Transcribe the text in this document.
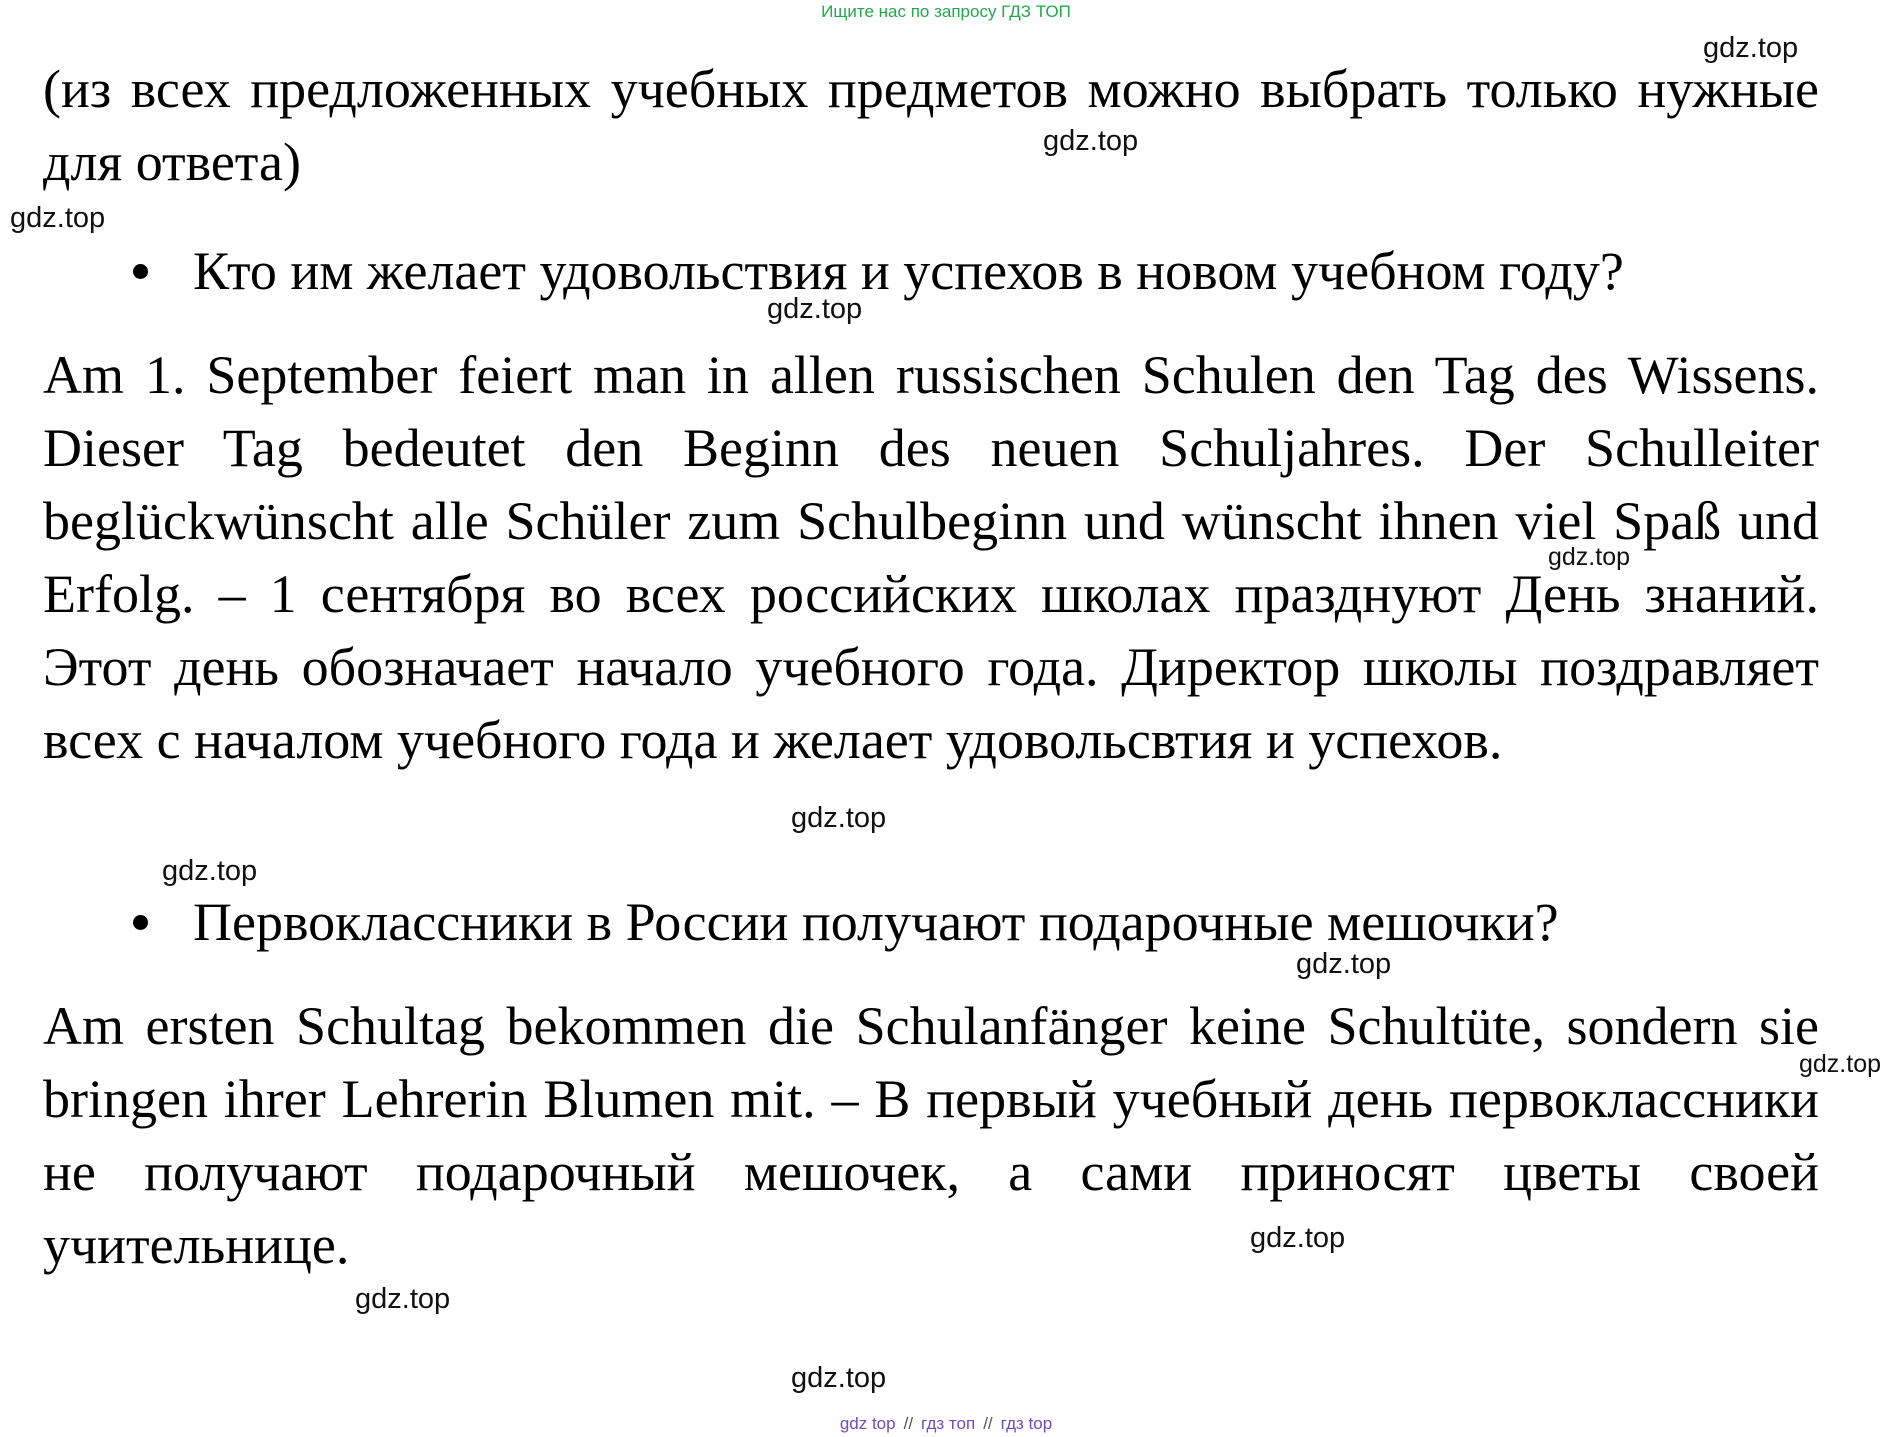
Ищите нас по запросу ГДЗ ТОП

(из всех предложенных учебных предметов можно выбрать только нужные для ответа)

Кто им желает удовольствия и успехов в новом учебном году?

Am 1. September feiert man in allen russischen Schulen den Tag des Wissens. Dieser Tag bedeutet den Beginn des neuen Schuljahres. Der Schulleiter beglückwünscht alle Schüler zum Schulbeginn und wünscht ihnen viel Spaß und Erfolg. – 1 сентября во всех российских школах празднуют День знаний. Этот день обозначает начало учебного года. Директор школы поздравляет всех с началом учебного года и желает удовольсвтия и успехов.

Первоклассники в России получают подарочные мешочки?

Am ersten Schultag bekommen die Schulanfänger keine Schultüte, sondern sie bringen ihrer Lehrerin Blumen mit. – В первый учебный день первоклассники не получают подарочный мешочек, а сами приносят цветы своей учительнице.

gdz.top
gdz.top
gdz.top
gdz.top
gdz.top
gdz.top
gdz.top
gdz.top
gdz.top
gdz.top
gdz.top
gdz.top
gdz top // гдз топ // гдз top
